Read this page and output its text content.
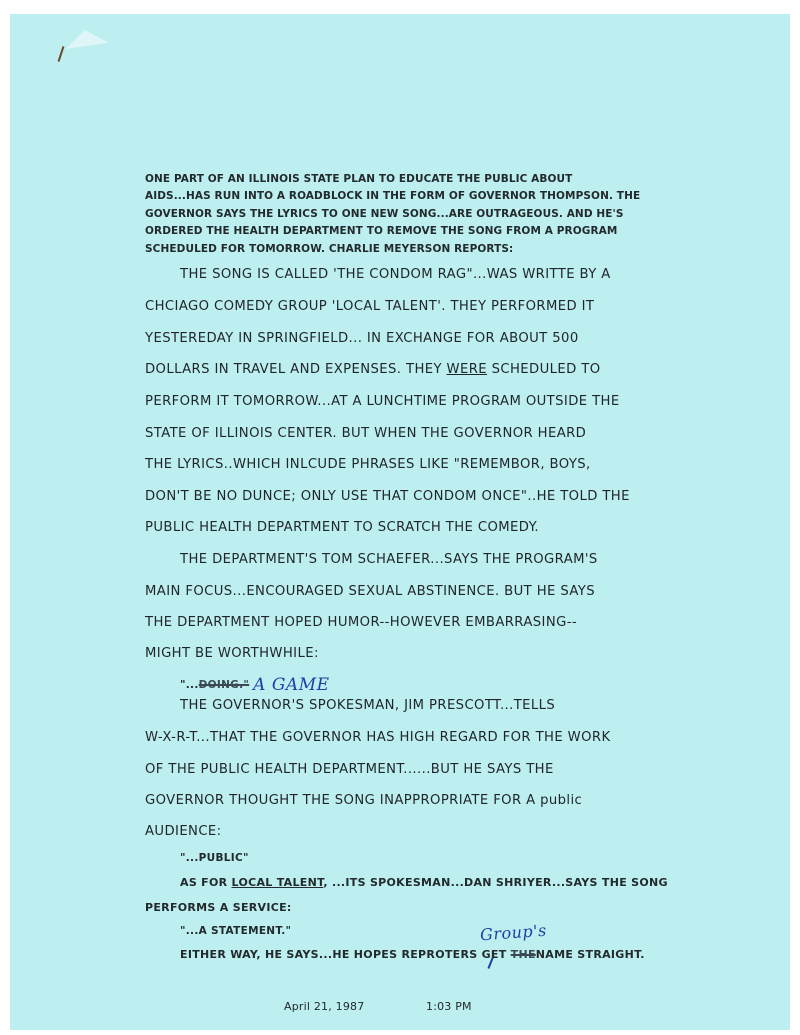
ONE PART OF AN ILLINOIS STATE PLAN TO EDUCATE THE PUBLIC ABOUT
AIDS...HAS RUN INTO A ROADBLOCK IN THE FORM OF GOVERNOR THOMPSON. THE
GOVERNOR SAYS THE LYRICS TO ONE NEW SONG...ARE OUTRAGEOUS. AND HE'S
ORDERED THE HEALTH DEPARTMENT TO REMOVE THE SONG FROM A PROGRAM
SCHEDULED FOR TOMORROW. CHARLIE MEYERSON REPORTS:
THE SONG IS CALLED 'THE CONDOM RAG"...WAS WRITTE BY A
CHCIAGO COMEDY GROUP 'LOCAL TALENT'. THEY PERFORMED IT
YESTEREDAY IN SPRINGFIELD... IN EXCHANGE FOR ABOUT 500
DOLLARS IN TRAVEL AND EXPENSES. THEY WERE SCHEDULED TO
PERFORM IT TOMORROW...AT A LUNCHTIME PROGRAM OUTSIDE THE
STATE OF ILLINOIS CENTER. BUT WHEN THE GOVERNOR HEARD
THE LYRICS..WHICH INLCUDE PHRASES LIKE "REMEMBOR, BOYS,
DON'T BE NO DUNCE; ONLY USE THAT CONDOM ONCE"..HE TOLD THE
PUBLIC HEALTH DEPARTMENT TO SCRATCH THE COMEDY.
THE DEPARTMENT'S TOM SCHAEFER...SAYS THE PROGRAM'S
MAIN FOCUS...ENCOURAGED SEXUAL ABSTINENCE. BUT HE SAYS
THE DEPARTMENT HOPED HUMOR--HOWEVER EMBARRASING--
MIGHT BE WORTHWHILE:
"...DOING." A GAME
THE GOVERNOR'S SPOKESMAN, JIM PRESCOTT...TELLS
W-X-R-T...THAT THE GOVERNOR HAS HIGH REGARD FOR THE WORK
OF THE PUBLIC HEALTH DEPARTMENT......BUT HE SAYS THE
GOVERNOR THOUGHT THE SONG INAPPROPRIATE FOR A public
AUDIENCE:
"...PUBLIC"
AS FOR LOCAL TALENT, ...ITS SPOKESMAN...DAN SHRIYER...SAYS THE SONG
PERFORMS A SERVICE:
"...A STATEMENT."	Group's
EITHER WAY, HE SAYS...HE HOPES REPROTERS GET THENAME STRAIGHT.
April 21, 1987	1:03 PM
